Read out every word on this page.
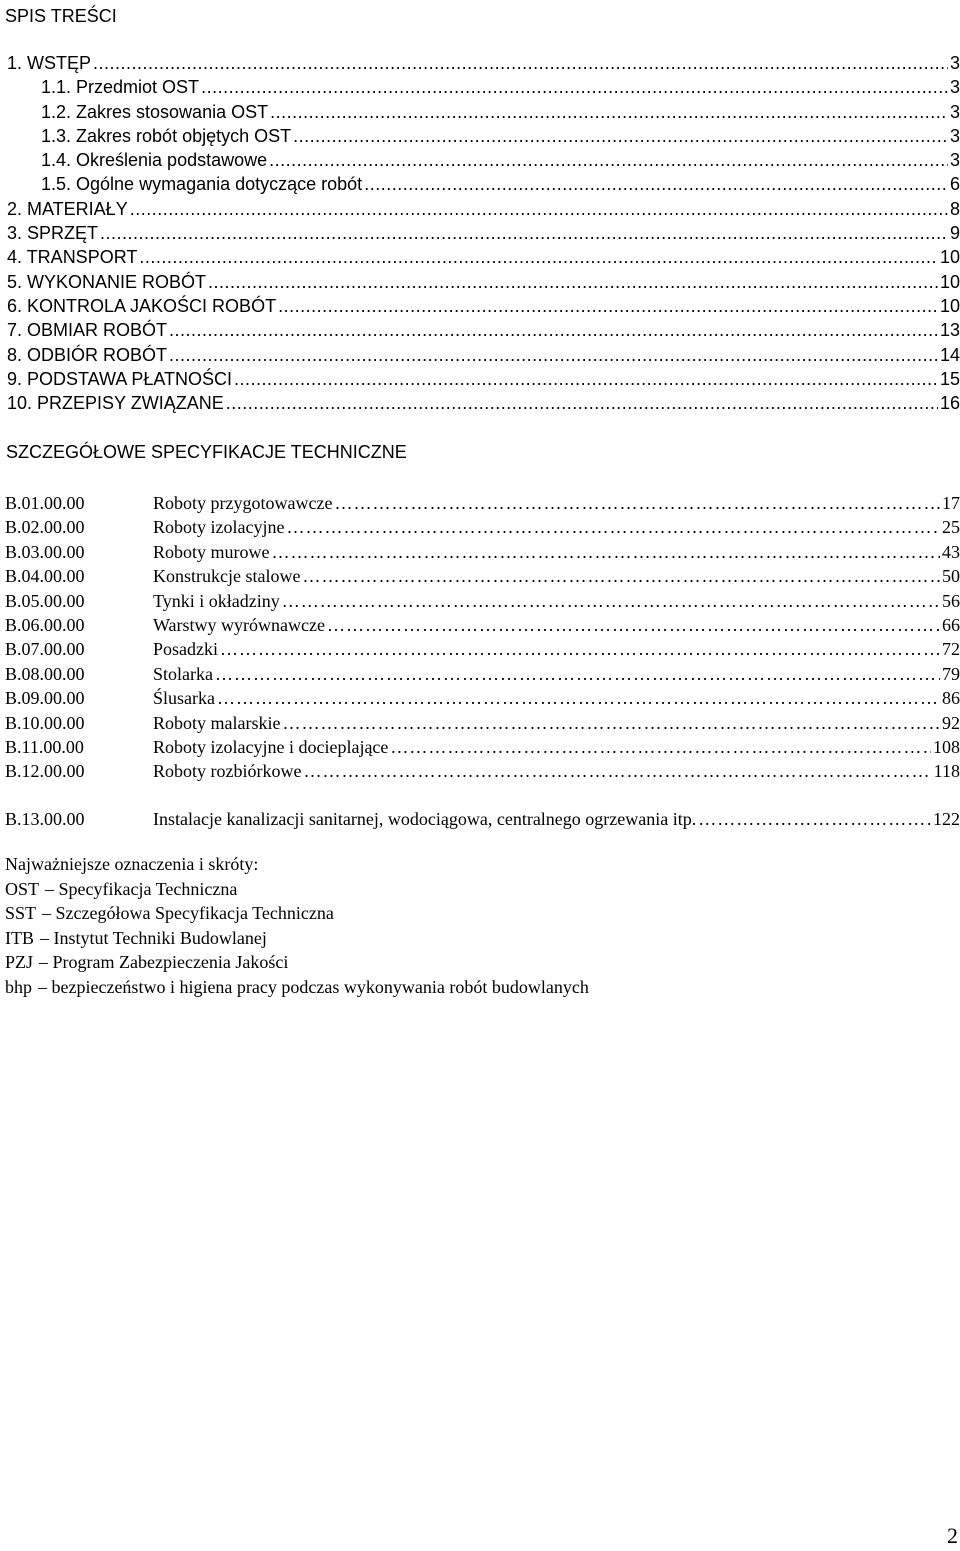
SPIS TREŚCI
1. WSTĘP .....	3
1.1. Przedmiot OST .....	3
1.2. Zakres stosowania OST .....	3
1.3. Zakres robót objętych OST .....	3
1.4. Określenia podstawowe .....	3
1.5. Ogólne wymagania dotyczące robót .....	6
2. MATERIAŁY .....	8
3. SPRZĘT .....	9
4. TRANSPORT .....	10
5. WYKONANIE ROBÓT .....	10
6. KONTROLA JAKOŚCI ROBÓT .....	10
7. OBMIAR ROBÓT .....	13
8. ODBIÓR ROBÓT .....	14
9. PODSTAWA PŁATNOŚCI .....	15
10. PRZEPISY ZWIĄZANE .....	16
SZCZEGÓŁOWE SPECYFIKACJE TECHNICZNE
B.01.00.00	Roboty przygotowawcze …………………………………………………………………………………………………………………………………………………………………………………………………	17
B.02.00.00	Roboty izolacyjne …………………………………………………………………………………………………………………………………………………………………………………………………	25
B.03.00.00	Roboty murowe …………………………………………………………………………………………………………………………………………………………………………………………………	43
B.04.00.00	Konstrukcje stalowe …………………………………………………………………………………………………………………………………………………………………………………………………	50
B.05.00.00	Tynki i okładziny …………………………………………………………………………………………………………………………………………………………………………………………………	56
B.06.00.00	Warstwy wyrównawcze …………………………………………………………………………………………………………………………………………………………………………………………………	66
B.07.00.00	Posadzki …………………………………………………………………………………………………………………………………………………………………………………………………	72
B.08.00.00	Stolarka …………………………………………………………………………………………………………………………………………………………………………………………………	79
B.09.00.00	Ślusarka …………………………………………………………………………………………………………………………………………………………………………………………………	86
B.10.00.00	Roboty malarskie …………………………………………………………………………………………………………………………………………………………………………………………………	92
B.11.00.00	Roboty izolacyjne i docieplające …………………………………………………………………………………………………………………………………………………………………………………………………	108
B.12.00.00	Roboty rozbiórkowe …………………………………………………………………………………………………………………………………………………………………………………………………	118
B.13.00.00	Instalacje kanalizacji sanitarnej, wodociągowa, centralnego ogrzewania itp. …………………………………………………………………………………………………………………………………………………………………………………………………	122
Najważniejsze oznaczenia i skróty:
OST – Specyfikacja Techniczna
SST – Szczegółowa Specyfikacja Techniczna
ITB – Instytut Techniki Budowlanej
PZJ – Program Zabezpieczenia Jakości
bhp – bezpieczeństwo i higiena pracy podczas wykonywania robót budowlanych
2
